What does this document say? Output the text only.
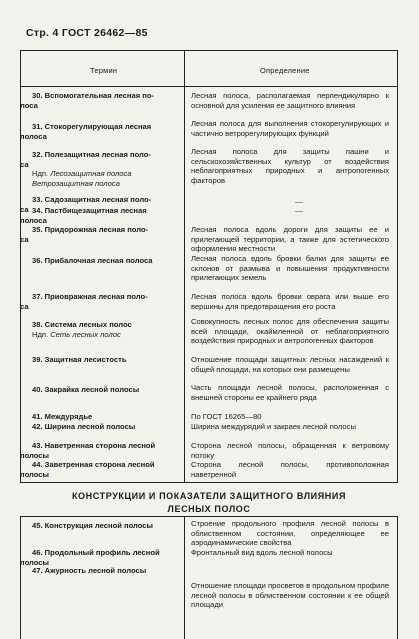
Стр. 4 ГОСТ 26462—85
Термин	Определение
30. Вспомогательная лесная по-
лоса
Лесная полоса, располагаемая перпендикулярно к основной для усиления ее защитного влияния
31. Стокорегулирующая лесная
полоса
Лесная полоса для выполнения стокорегулирующих и частично ветрорегулирующих функций
32. Полезащитная лесная поло-
са
Ндп. Лесозащитная полоса
Ветрозащитная полоса
Лесная полоса для защиты пашни и сельскохозяйственных культур от воздействия неблагоприятных природных и антропогенных факторов
33. Садозащитная лесная поло-
са
—
34. Пастбищезащитная лесная
полоса
—
35. Придорожная лесная поло-
са
Лесная полоса вдоль дороги для защиты ее и прилегающей территории, а также для эстетического оформления местности
36. Прибалочная лесная полоса	Лесная полоса вдоль бровки балки для защиты ее склонов от размыва и повышения продуктивности прилегающих земель
37. Приовражная лесная поло-
са
Лесная полоса вдоль бровки оврага или выше его вершины для предотвращения его роста
38. Система лесных полос
Ндп. Сеть лесных полос
Совокупность лесных полос для обеспечения защиты всей площади, окаймленной от неблагоприятного воздействия природных и антропогенных факторов
39. Защитная лесистость	Отношение площади защитных лесных насаждений к общей площади, на которых они размещены
40. Закрайка лесной полосы	Часть площади лесной полосы, расположенная с внешней стороны ее крайнего ряда
41. Междурядье	По ГОСТ 16265—80
42. Ширина лесной полосы	Ширина междурядий и закраек лесной полосы
43. Наветренная сторона лесной
полосы
Сторона лесной полосы, обращенная к ветровому потоку
44. Заветренная сторона лесной
полосы
Сторона лесной полосы, противоположная наветренной
КОНСТРУКЦИИ И ПОКАЗАТЕЛИ ЗАЩИТНОГО ВЛИЯНИЯ
ЛЕСНЫХ ПОЛОС
45. Конструкция лесной полосы	Строение продольного профиля лесной полосы в облиственном состоянии, определяющее ее аэродинамические свойства
46. Продольный профиль лесной
полосы
Фронтальный вид вдоль лесной полосы
47. Ажурность лесной полосы
Отношение площади просветов в продольном профиле лесной полосы в облиственном состоянии к ее общей площади
